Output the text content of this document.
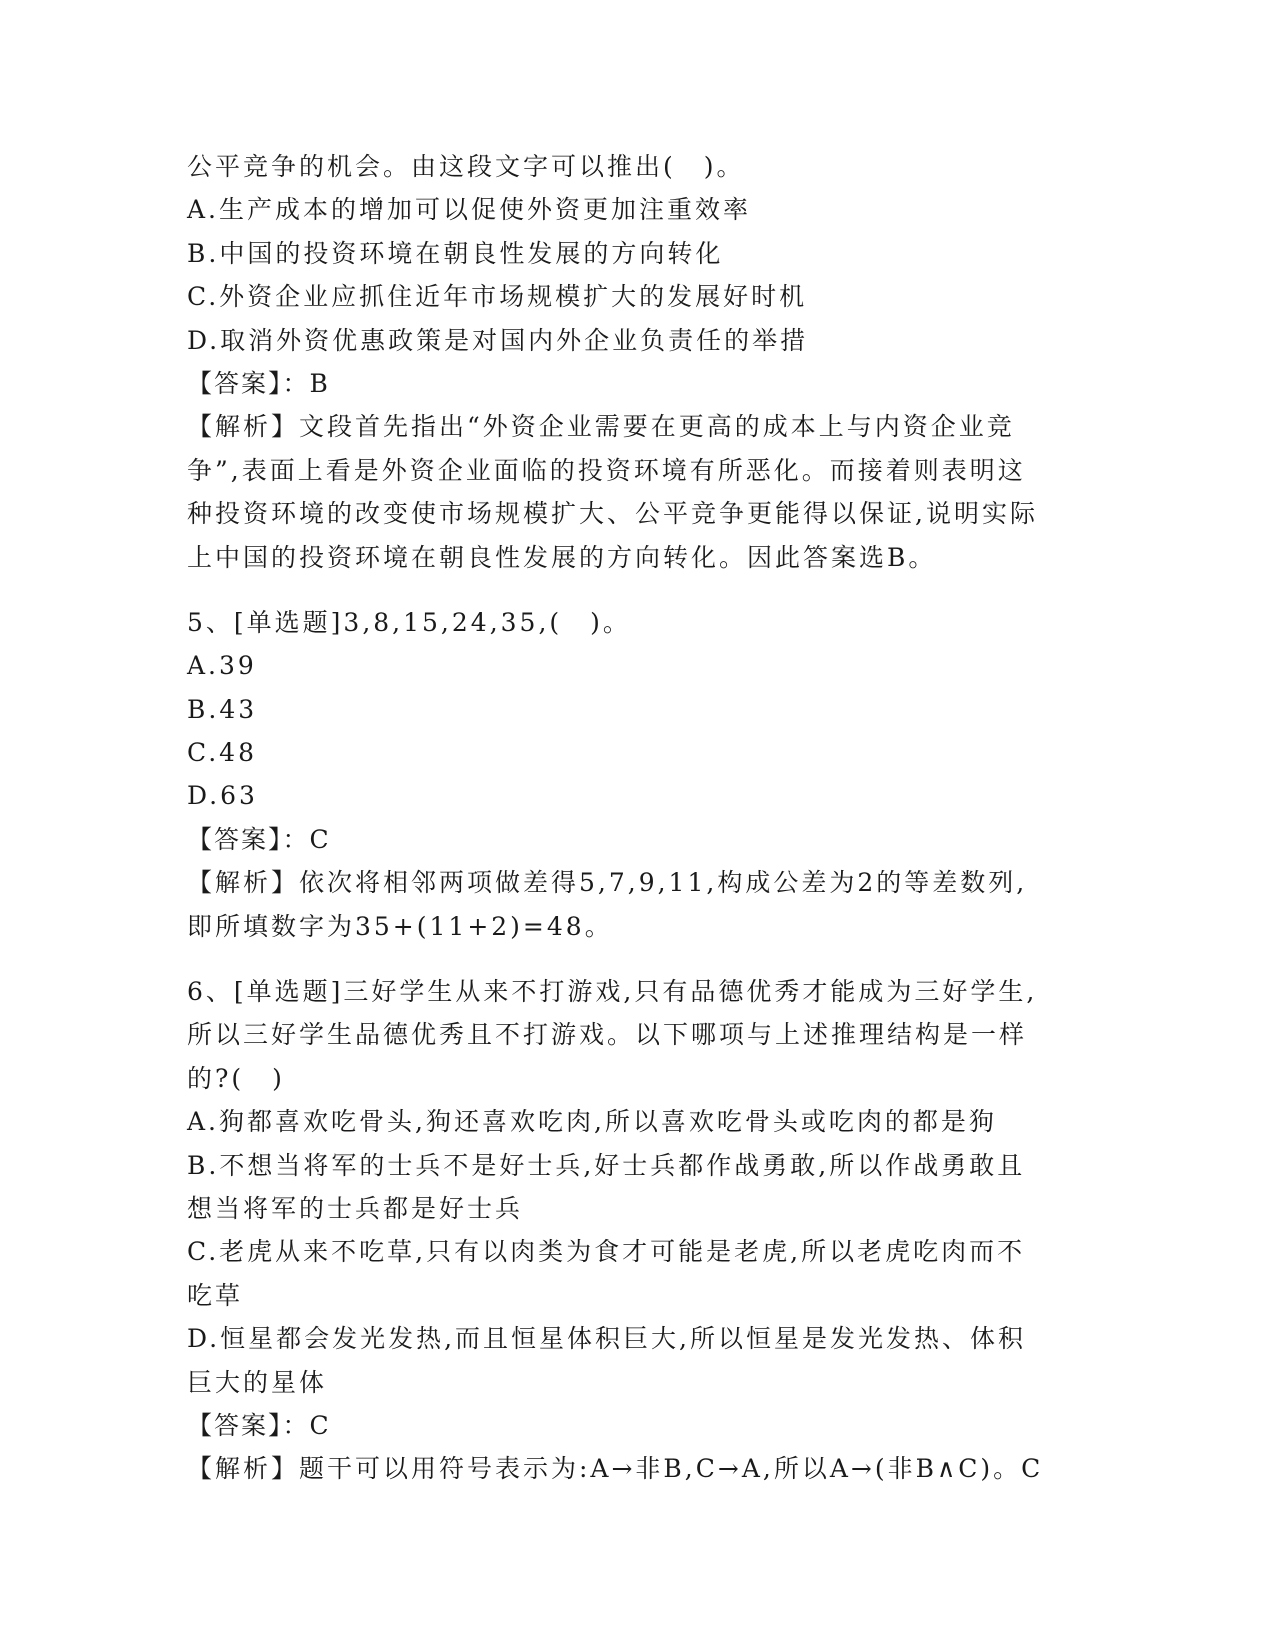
公平竞争的机会。由这段文字可以推出(　)。
A.生产成本的增加可以促使外资更加注重效率
B.中国的投资环境在朝良性发展的方向转化
C.外资企业应抓住近年市场规模扩大的发展好时机
D.取消外资优惠政策是对国内外企业负责任的举措
【答案】：B
【解析】文段首先指出“外资企业需要在更高的成本上与内资企业竞
争”,表面上看是外资企业面临的投资环境有所恶化。而接着则表明这
种投资环境的改变使市场规模扩大、公平竞争更能得以保证,说明实际
上中国的投资环境在朝良性发展的方向转化。因此答案选B。
5、[单选题]3,8,15,24,35,(　)。
A.39
B.43
C.48
D.63
【答案】：C
【解析】依次将相邻两项做差得5,7,9,11,构成公差为2的等差数列,
即所填数字为35+(11+2)=48。
6、[单选题]三好学生从来不打游戏,只有品德优秀才能成为三好学生,
所以三好学生品德优秀且不打游戏。以下哪项与上述推理结构是一样
的?(　)
A.狗都喜欢吃骨头,狗还喜欢吃肉,所以喜欢吃骨头或吃肉的都是狗
B.不想当将军的士兵不是好士兵,好士兵都作战勇敢,所以作战勇敢且
想当将军的士兵都是好士兵
C.老虎从来不吃草,只有以肉类为食才可能是老虎,所以老虎吃肉而不
吃草
D.恒星都会发光发热,而且恒星体积巨大,所以恒星是发光发热、体积
巨大的星体
【答案】：C
【解析】题干可以用符号表示为:A→非B,C→A,所以A→(非B∧C)。C
